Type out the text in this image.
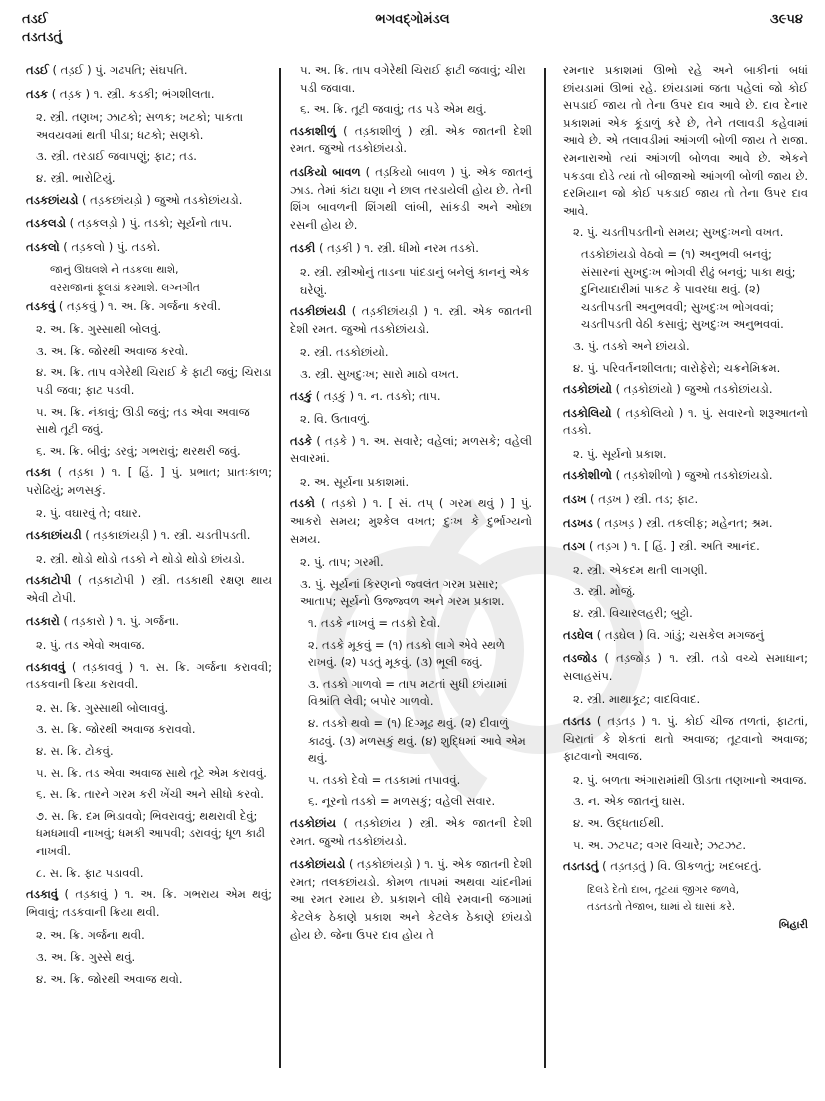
તડઈ	ભગવદ્ગોમંડલ	૩૯૫૪
તડતડતું
તડઈ ( તડ઼ઈ ) પું. ગઢપતિ; સંઘપતિ.
તડક ( તડ઼ક ) ૧. સ્ત્રી. કડકી; ભંગશીલતા.
૨. સ્ત્રી. તણખ; ઝાટકો; સળક; ખટકો; પાકતા અવયવમાં થતી પીડા; ધટકો; સણકો.
૩. સ્ત્રી. તરડાઈ જવાપણું; ફાટ; તડ.
૪. સ્ત્રી. ભારોટિયું.
તડકછાંયડો ( તડ઼કછાંયડ઼ો ) જુઓ તડકોછાંયડો.
તડકલડો ( તડ઼કલડ઼ો ) પું. તડકો; સૂર્યનો તાપ.
તડકલો ( તડ઼કલો ) પું. તડકો.
જાનું ઊઘલશે ને તડકલા થાશે,
વરરાજાનાં ફૂલડાં કરમાશે. લગ્નગીત
તડકવું ( તડ઼કવું ) ૧. અ. ક્રિ. ગર્જના કરવી.
૨. અ. ક્રિ. ગુસ્સાથી બોલવું.
૩. અ. ક્રિ. જોરથી અવાજ કરવો.
૪. અ. ક્રિ. તાપ વગેરેથી ચિરાઈ કે ફાટી જવું; ચિરાડા પડી જવા; ફાટ પડવી.
૫. અ. ક્રિ. નંકાવું; ઊડી જવું; તડ એવા અવાજ સાથે તૂટી જવું.
૬. અ. ક્રિ. બીવું; ડરવું; ગભરાવું; થરથરી જવું.
તડકા ( તડ઼કા ) ૧. [ હિં. ] પું. પ્રભાત; પ્રાતઃકાળ; પરોઢિયું; મળસકું.
૨. પું. વઘારવું તે; વઘાર.
તડકાછાંયડી ( તડ઼કાછાંયડ઼ી ) ૧. સ્ત્રી. ચડતીપડતી.
૨. સ્ત્રી. થોડો થોડો તડકો ને થોડો થોડો છાંયડો.
તડકાટોપી ( તડ઼કાટોપી ) સ્ત્રી. તડકાથી રક્ષણ થાય એવી ટોપી.
તડકારો ( તડ઼કારો ) ૧. પું. ગર્જના.
૨. પું. તડ એવો અવાજ.
તડકાવવું ( તડ઼કાવવું ) ૧. સ. ક્રિ. ગર્જના કરાવવી; તડકવાની ક્રિયા કરાવવી.
૨. સ. ક્રિ. ગુસ્સાથી બોલાવવું.
૩. સ. ક્રિ. જોરથી અવાજ કરાવવો.
૪. સ. ક્રિ. ટોકવું.
૫. સ. ક્રિ. તડ એવા અવાજ સાથે તૂટે એમ કરાવવું.
૬. સ. ક્રિ. તારને ગરમ કરી ખેંચી અને સીધો કરવો.
૭. સ. ક્રિ. દમ ભિડાવવો; ભિવરાવવું; થથરાવી દેવું; ધમધમાવી નાખવું; ધમકી આપવી; ડરાવવું; ધૂળ કાઢી નાખવી.
૮. સ. ક્રિ. ફાટ પડાવવી.
તડકાવું ( તડ઼કાવું ) ૧. અ. ક્રિ. ગભરાય એમ થવું; ભિવાવું; તડકવાની ક્રિયા થવી.
૨. અ. ક્રિ. ગર્જના થવી.
૩. અ. ક્રિ. ગુસ્સે થવું.
૪. અ. ક્રિ. જોરથી અવાજ થવો.
૫. અ. ક્રિ. તાપ વગેરેથી ચિરાઈ ફાટી જવાવું; ચીરા પડી જવાવા.
૬. અ. ક્રિ. તૂટી જવાવું; તડ પડે એમ થવું.
તડકાશીળું ( તડ઼કાશીળું ) સ્ત્રી. એક જાતની દેશી રમત. જુઓ તડકોછાંયડો.
તડકિયો બાવળ ( તડ઼કિયો બાવળ ) પું. એક જાતનું ઝાડ. તેમાં કાંટા ઘણા ને છાલ તરડાયેલી હોય છે. તેની શિંગ બાવળની શિંગથી લાંબી, સાંકડી અને ઓછા રસની હોય છે.
તડકી ( તડ઼કી ) ૧. સ્ત્રી. ધીમો નરમ તડકો.
૨. સ્ત્રી. સ્ત્રીઓનું તાડના પાંદડાનું બનેલું કાનનું એક ઘરેણું.
તડકીછાંયડી ( તડ઼કીછાંયડ઼ી ) ૧. સ્ત્રી. એક જાતની દેશી રમત. જુઓ તડકોછાંયડો.
૨. સ્ત્રી. તડકોછાંયો.
૩. સ્ત્રી. સુખદુઃખ; સારો માઠો વખત.
તડકું ( તડ઼કું ) ૧. ન. તડકો; તાપ.
૨. વિ. ઉતાવળું.
તડકે ( તડ઼કે ) ૧. અ. સવારે; વહેલાં; મળસકે; વહેલી સવારમાં.
૨. અ. સૂર્યના પ્રકાશમાં.
તડકો ( તડ઼કો ) ૧. [ સં. તપ્ ( ગરમ થવું ) ] પું. આકરો સમય; મુશ્કેલ વખત; દુઃખ કે દુર્ભાગ્યનો સમય.
૨. પું. તાપ; ગરમી.
૩. પું. સૂર્યનાં કિરણનો જ્વલંત ગરમ પ્રસાર; આતાપ; સૂર્યનો ઉજ્જ્વળ અને ગરમ પ્રકાશ.
૧. તડકે નાખવું = તડકો દેવો.
૨. તડકે મૂકવું = (૧) તડકો લાગે એવે સ્થળે રાખવું. (૨) પડતું મૂકવું. (૩) ભૂલી જવું.
૩. તડકો ગાળવો = તાપ મટતાં સુધી છાંયામાં વિશ્રાંતિ લેવી; બપોર ગાળવો.
૪. તડકો થવો = (૧) દિગ્મૂઢ થવું. (૨) દીવાળું કાઢવું. (૩) મળસકું થવું. (૪) શુદ્ધિમાં આવે એમ થવું.
૫. તડકો દેવો = તડકામાં તપાવવું.
૬. નૂરનો તડકો = મળસકું; વહેલી સવાર.
તડકોછાંય ( તડ઼કોછાંય ) સ્ત્રી. એક જાતની દેશી રમત. જુઓ તડકોછાંયડો.
તડકોછાંયડો ( તડ઼કોછાંયડ઼ો ) ૧. પું. એક જાતની દેશી રમત; તલકછાંયડો. કોમળ તાપમાં અથવા ચાંદનીમાં આ રમત રમાય છે. પ્રકાશને લીધે રમવાની જગામાં કેટલેક ઠેકાણે પ્રકાશ અને કેટલેક ઠેકાણે છાંયડો હોય છે. જેના ઉપર દાવ હોય તે
રમનાર પ્રકાશમાં ઊભો રહે અને બાકીનાં બધાં છાંયડામાં ઊભાં રહે. છાંયડામાં જતા પહેલાં જો કોઈ સપડાઈ જાય તો તેના ઉપર દાવ આવે છે. દાવ દેનાર પ્રકાશમાં એક કૂંડાળું કરે છે, તેને તલાવડી કહેવામાં આવે છે. એ તલાવડીમાં આંગળી બોળી જાય તે રાજા. રમનારાઓ ત્યાં આંગળી બોળવા આવે છે. એકને પકડવા દોડે ત્યાં તો બીજાઓ આંગળી બોળી જાય છે. દરમિયાન જો કોઈ પકડાઈ જાય તો તેના ઉપર દાવ આવે.
૨. પું. ચડતીપડતીનો સમય; સુખદુઃખનો વખત.
તડકોછાંયડો વેઠવો = (૧) અનુભવી બનવું; સંસારનાં સુખદુઃખ ભોગવી રીઢું બનવું; પાકા થવું; દુનિયાદારીમાં પાકટ કે પાવરધા થવું. (૨) ચડતીપડતી અનુભવવી; સુખદુઃખ ભોગવવાં; ચડતીપડતી વેઠી કસાવું; સુખદુઃખ અનુભવવાં.
૩. પું. તડકો અને છાંયડો.
૪. પું. પરિવર્તનશીલતા; વારોફેરો; ચક્રનેમિક્રમ.
તડકોછાંયો ( તડ઼કોછાંયો ) જુઓ તડકોછાંયડો.
તડકોલિયો ( તડ઼કોલિયો ) ૧. પું. સવારનો શરૂઆતનો તડકો.
૨. પું. સૂર્યનો પ્રકાશ.
તડકોશીળો ( તડ઼કોશીળો ) જુઓ તડકોછાંયડો.
તડખ ( તડ઼ખ ) સ્ત્રી. તડ; ફાટ.
તડખડ ( તડ઼ખડ઼ ) સ્ત્રી. તકલીફ; મહેનત; શ્રમ.
તડગ ( તડ઼ગ ) ૧. [ હિં. ] સ્ત્રી. અતિ આનંદ.
૨. સ્ત્રી. એકદમ થતી લાગણી.
૩. સ્ત્રી. મોજું.
૪. સ્ત્રી. વિચારલહરી; બુટ્ટો.
તડઘેલ ( તડ઼ઘેલ ) વિ. ગાંડું; ચસકેલ મગજનું
તડજોડ ( તડ઼જોડ઼ ) ૧. સ્ત્રી. તડો વચ્ચે સમાધાન; સલાહસંપ.
૨. સ્ત્રી. માથાકૂટ; વાદવિવાદ.
તડતડ ( તડ઼તડ઼ ) ૧. પું. કોઈ ચીજ તળતાં, ફાટતાં, ચિરાતાં કે શેકતાં થતો અવાજ; તૂટવાનો અવાજ; ફાટવાનો અવાજ.
૨. પું. બળતા અંગારામાંથી ઊડતા તણખાનો અવાજ.
૩. ન. એક જાતનું ઘાસ.
૪. અ. ઉદ્ધતાઈથી.
૫. અ. ઝટપટ; વગર વિચારે; ઝટઝટ.
તડતડતું ( તડ઼તડ઼તું ) વિ. ઊકળતું; ખદબદતું.
દિલડે દેતો દાબ, તૂટયાં જીગર જળવે,
તડતડતો તેજાબ, ઘામાં યે ઘાસાં કરે.
બિહારી
